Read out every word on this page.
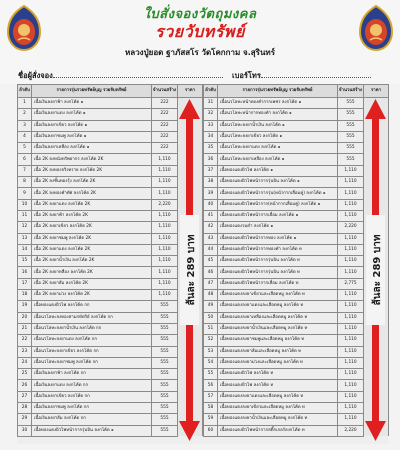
ใบสั่งจองวัตถุมงคล
รวยวับทรัพย์
หลวงปู่ยอด ฐาภัสสโร วัดโคกกาม จ.สุรินทร์
ชื่อผู้สั่งจอง	เบอร์โทร
ลำดับ	รายการรุ่นรวยทรัพย์บุญ รวยจับทรัพย์	จำนวนสร้าง	ราคา
1	เนื้อเงินลงยาฟ้า ลงกโค้ด ๑	222	
2	เนื้อเงินลงยาแดง ลงกโค้ด ๑	222	
3	เนื้อเงินลงยาเขียว ลงกโค้ด ๑	222	
4	เนื้อเงินลงยาชมพู ลงกโค้ด ๑	222	
5	เนื้อเงินลงยาเหลือง ลงกโค้ด ๑	222	
6	เนื้อ 2K ลงหนังทรัพยากร ลงกโค้ด 2K	1,110	
7	เนื้อ 2K ลงทองจริงทราย ลงกโค้ด 2K	1,110	
8	เนื้อ 2K ลงชั้นทองรุ้ง ลงกโค้ด 2K	1,110	
9	เนื้อ 2K ลงทองคำทัศ ลงกโค้ด 2K	1,110	
10	เนื้อ 2K ลงยาแดง ลงกโค้ด 2K	2,220	
11	เนื้อ 2K ลงยาฟ้า ลงกโค้ด 2K	1,110	
12	เนื้อ 2K ลงยาเขียว ลงกโค้ด 2K	1,110	
13	เนื้อ 2K ลงยาชมพู ลงกโค้ด 2K	1,110	
14	เนื้อ 2K ลงยาแดง ลงกโค้ด 2K	1,110	
15	เนื้อ 2K ลงยาน้ำเงิน ลงกโค้ด 2K	1,110	
16	เนื้อ 2K ลงยาหลือง ลงกโค้ด 2K	1,110	
17	เนื้อ 2K ลงยาส้ม ลงกโค้ด 2K	1,110	
18	เนื้อ 2K ลงยาม่วง ลงกโค้ด 2K	1,110	
19	เนื้อทองแดงผิวไฟ ลงกโค้ด กก	555	
20	เนื้อนวโลหะลงทองสามกษัตริย์ ลงกโค้ด กก	555	
21	เนื้อนวโลหะลงยาน้ำเงิน ลงกโค้ด กก	555	
22	เนื้อนวโลหะลงยาแดง ลงกโค้ด กก	555	
23	เนื้อนวโลหะลงยาเขียว ลงกโค้ด กก	555	
24	เนื้อนวโลหะลงยาชมพู ลงกโค้ด กก	555	
25	เนื้อเงินลงยาฟ้า ลงกโค้ด กก	555	
26	เนื้อเงินลงยาแดง ลงกโค้ด กก	555	
27	เนื้อเงินลงยาเขียว ลงกโค้ด กก	555	
28	เนื้อเงินลงยาชมพู ลงกโค้ด กก	555	
29	เนื้อเงินลงยาส้ม ลงกโค้ด กก	555	
30	เนื้อทองแดงผิวไฟหน้ากากรุ่นบิน ลงกโค้ด ๑	555	
ส้นละ 289 บาท
ลำดับ	รายการรุ่นรวยทรัพย์บุญ รวยจับทรัพย์	จำนวนสร้าง	ราคา
31	เนื้อนวโลหะหน้าทองคำกากเพชร ลงกโค้ด ๑	555	
32	เนื้อนวโลหะหน้ากากทองคำ ลงกโค้ด ๑	555	
33	เนื้อนวโลหะลงยาน้ำเงิน ลงกโค้ด ๑	555	
34	เนื้อนวโลหะลงยาเขียว ลงกโค้ด ๑	555	
35	เนื้อนวโลหะลงยาแดง ลงกโค้ด ๑	555	
36	เนื้อนวโลหะลงยาเหลือง ลงกโค้ด ๑	555	
37	เนื้อทองแดงผิวไฟ ลงกโค้ด ๑	1,110	
38	เนื้อทองแดงผิวไฟหน้ากากรุ่นบิน ลงกโค้ด ๑	1,110	
39	เนื้อทองแดงผิวไฟหน้ากากรุ่น(หน้ากากเลื่อมคู่) ลงกโค้ด ๑	1,110	
40	เนื้อทองแดงผิวไฟหน้ากาก(หน้ากากเลื่อมคู่) ลงกโค้ด ๑	1,110	
41	เนื้อทองแดงผิวไฟหน้ากากเลื่อม ลงกโค้ด ๑	1,110	
42	เนื้อทองแดงรมดำ ลงกโค้ด ๑	2,220	
43	เนื้อทองแดงผิวไฟหน้ากากทอง ลงกโค้ด ๑	1,110	
44	เนื้อทองแดงผิวไฟหน้ากากทองคำ ลงกโค้ด ท	1,110	
45	เนื้อทองแดงผิวไฟหน้ากากรุ่นบิน ลงกโค้ด ท	1,110	
46	เนื้อทองแดงผิวไฟหน้ากากรุ่นบิน ลงกโค้ด ท	1,110	
47	เนื้อทองแดงผิวไฟหน้ากากเลื่อม ลงกโค้ด ท	2,775	
48	เนื้อทองแดงลงยาเขียวและเลือดหมู ลงกโค้ด ท	1,110	
49	เนื้อทองแดงลงยาแดงและเลือดหมู ลงกโค้ด ท	1,110	
50	เนื้อทองแดงลงยาเหลืองและเลือดหมู ลงกโค้ด ท	1,110	
51	เนื้อทองแดงลงยาน้ำเงินและเลือดหมู ลงกโค้ด ท	1,110	
52	เนื้อทองแดงลงยาชมพูและเลือดหมู ลงกโค้ด ท	1,110	
53	เนื้อทองแดงลงยาส้มและเลือดหมู ลงกโค้ด ท	1,110	
54	เนื้อทองแดงลงยาม่วงและเลือดหมู ลงกโค้ด ท	1,110	
55	เนื้อทองแดงผิวไฟ ลงกโค้ด ท	1,110	
56	เนื้อทองแดงผิวไฟ ลงกโค้ด ท	1,110	
57	เนื้อทองแดงลงยาแดงและเลือดหมู ลงกโค้ด ท	1,110	
58	เนื้อทองแดงลงยาเขียวและเลือดหมู ลงกโค้ด ท	1,110	
59	เนื้อทองแดงลงยาน้ำเงินและเลือดหมู ลงกโค้ด ท	1,110	
60	เนื้อทองแดงผิวไฟหน้ากากสติ๊กเกอร์ลงกโค้ด ท	2,220	
ส้นละ 289 บาท
